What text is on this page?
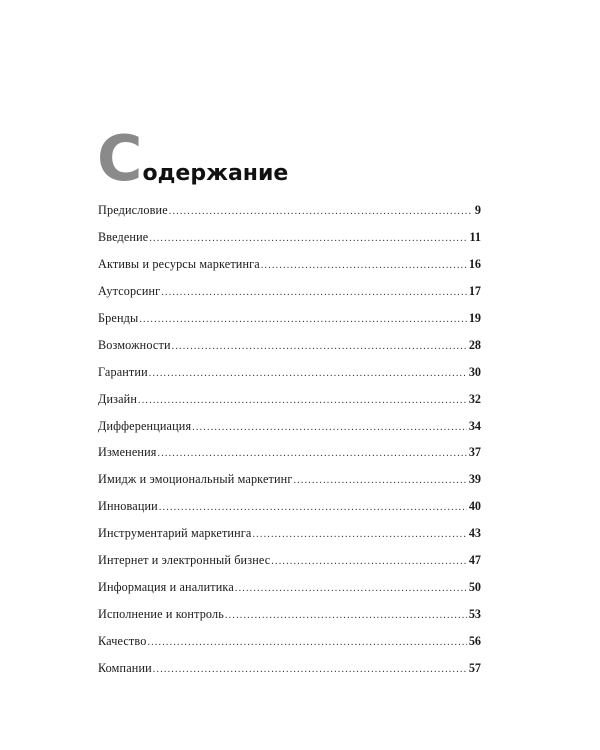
С одержание
Предисловие .....	9
Введение .....	11
Активы и ресурсы маркетинга .....	16
Аутсорсинг .....	17
Бренды .....	19
Возможности .....	28
Гарантии .....	30
Дизайн .....	32
Дифференциация .....	34
Изменения .....	37
Имидж и эмоциональный маркетинг .....	39
Инновации .....	40
Инструментарий маркетинга .....	43
Интернет и электронный бизнес .....	47
Информация и аналитика .....	50
Исполнение и контроль .....	53
Качество .....	56
Компании .....	57
